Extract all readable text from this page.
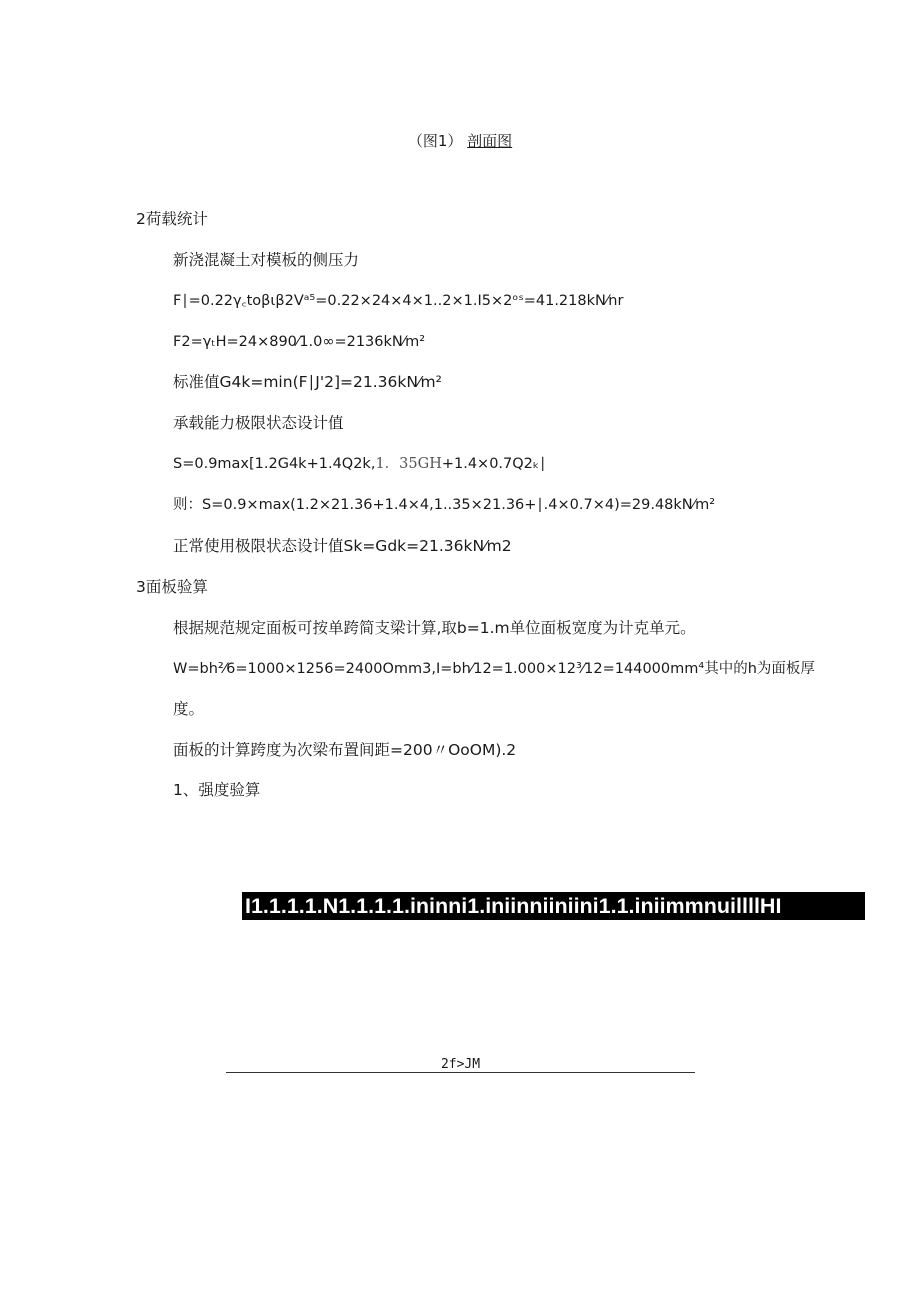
（图1） 剖面图
2荷载统计
新浇混凝土对模板的侧压力
F∣=0.22γ꜀toβιβ2Vᵃ⁵=0.22×24×4×1..2×1.I5×2ᵒˢ=41.218kN⁄nr
F2=γₜH=24×890⁄1.0∞=2136kN⁄m²
标准值G4k=min(F∣J'2]=21.36kN⁄m²
承载能力极限状态设计值
S=0.9max[1.2G4k+1.4Q2k,1．35GH+1.4×0.7Q2ₖ∣
则：S=0.9×max(1.2×21.36+1.4×4,1..35×21.36+∣.4×0.7×4)=29.48kN⁄m²
正常使用极限状态设计值Sk=Gdk=21.36kN⁄m2
3面板验算
根据规范规定面板可按单跨简支梁计算,取b=1.m单位面板宽度为计克单元。
W=bh²⁄6=1000×1256=2400Omm3,I=bh⁄12=1.000×12³⁄12=144000mm⁴其中的h为面板厚
度。
面板的计算跨度为次梁布置间距=200〃OoOM).2
1、强度验算
I1.1.1.1.N1.1.1.1.ininni1.iniinniiniini1.1.iniimmnuillllHI
2f>JM
